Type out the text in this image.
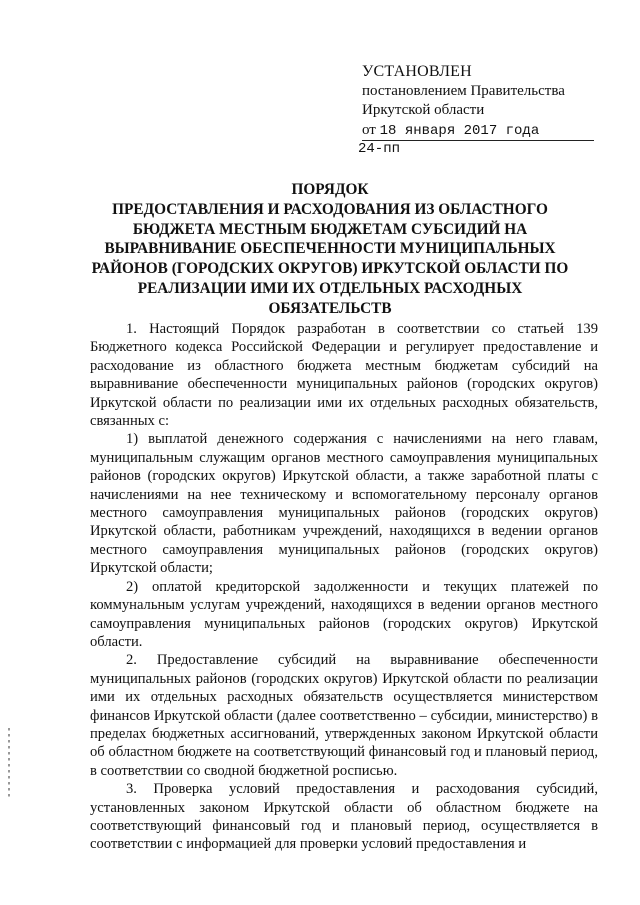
УСТАНОВЛЕН
постановлением Правительства
Иркутской области
от 18 января 2017 года
24-пп
ПОРЯДОК
ПРЕДОСТАВЛЕНИЯ И РАСХОДОВАНИЯ ИЗ ОБЛАСТНОГО
БЮДЖЕТА МЕСТНЫМ БЮДЖЕТАМ СУБСИДИЙ НА
ВЫРАВНИВАНИЕ ОБЕСПЕЧЕННОСТИ МУНИЦИПАЛЬНЫХ
РАЙОНОВ (ГОРОДСКИХ ОКРУГОВ) ИРКУТСКОЙ ОБЛАСТИ ПО
РЕАЛИЗАЦИИ ИМИ ИХ ОТДЕЛЬНЫХ РАСХОДНЫХ
ОБЯЗАТЕЛЬСТВ

1. Настоящий Порядок разработан в соответствии со статьей 139 Бюджетного кодекса Российской Федерации и регулирует предоставление и расходование из областного бюджета местным бюджетам субсидий на выравнивание обеспеченности муниципальных районов (городских округов) Иркутской области по реализации ими их отдельных расходных обязательств, связанных с:

1) выплатой денежного содержания с начислениями на него главам, муниципальным служащим органов местного самоуправления муниципальных районов (городских округов) Иркутской области, а также заработной платы с начислениями на нее техническому и вспомогательному персоналу органов местного самоуправления муниципальных районов (городских округов) Иркутской области, работникам учреждений, находящихся в ведении органов местного самоуправления муниципальных районов (городских округов) Иркутской области;

2) оплатой кредиторской задолженности и текущих платежей по коммунальным услугам учреждений, находящихся в ведении органов местного самоуправления муниципальных районов (городских округов) Иркутской области.

2. Предоставление субсидий на выравнивание обеспеченности муниципальных районов (городских округов) Иркутской области по реализации ими их отдельных расходных обязательств осуществляется министерством финансов Иркутской области (далее соответственно – субсидии, министерство) в пределах бюджетных ассигнований, утвержденных законом Иркутской области об областном бюджете на соответствующий финансовый год и плановый период, в соответствии со сводной бюджетной росписью.

3. Проверка условий предоставления и расходования субсидий, установленных законом Иркутской области об областном бюджете на соответствующий финансовый год и плановый период, осуществляется в соответствии с информацией для проверки условий предоставления и
